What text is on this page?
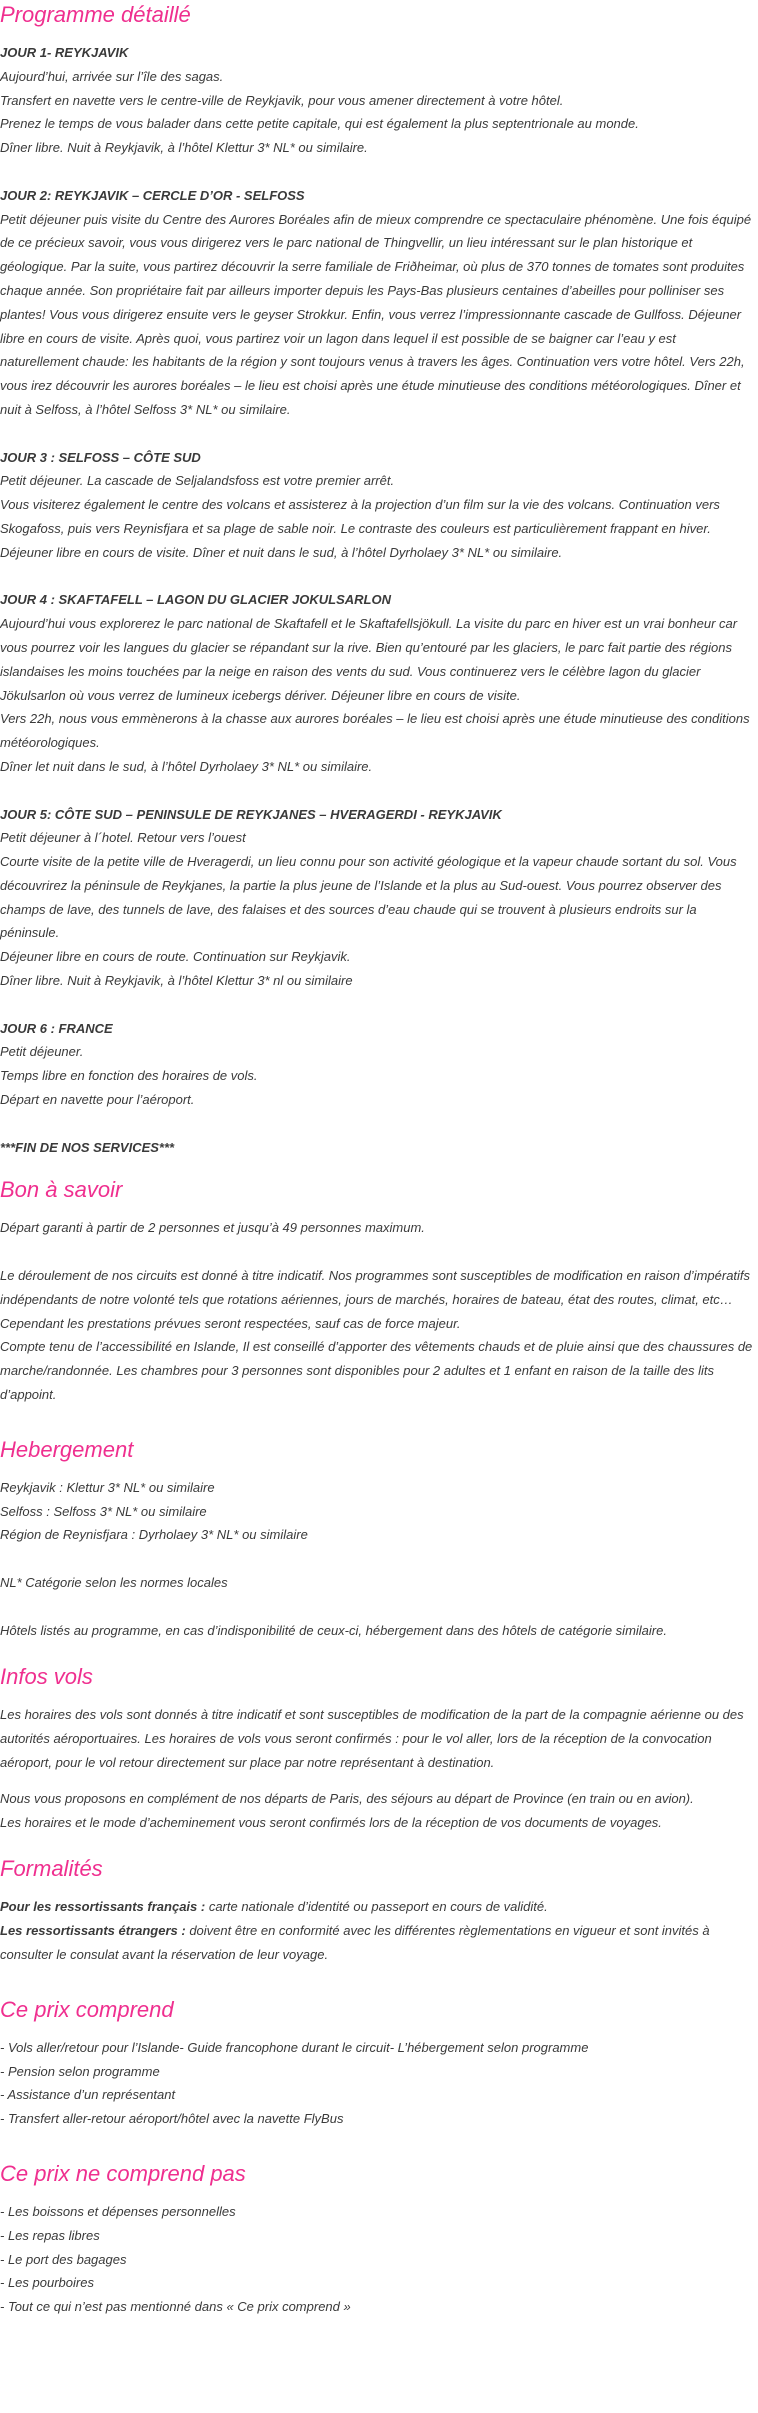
Programme détaillé

JOUR 1- REYKJAVIK

Aujourd’hui, arrivée sur l’île des sagas.

Transfert en navette vers le centre-ville de Reykjavik, pour vous amener directement à votre hôtel.

Prenez le temps de vous balader dans cette petite capitale, qui est également la plus septentrionale au monde.

Dîner libre. Nuit à Reykjavik, à l’hôtel Klettur 3* NL* ou similaire.

JOUR 2: REYKJAVIK – CERCLE D’OR - SELFOSS

Petit déjeuner puis visite du Centre des Aurores Boréales afin de mieux comprendre ce spectaculaire phénomène. Une fois équipé de ce précieux savoir, vous vous dirigerez vers le parc national de Thingvellir, un lieu intéressant sur le plan historique et géologique. Par la suite, vous partirez découvrir la serre familiale de Friðheimar, où plus de 370 tonnes de tomates sont produites chaque année. Son propriétaire fait par ailleurs importer depuis les Pays-Bas plusieurs centaines d’abeilles pour polliniser ses plantes! Vous vous dirigerez ensuite vers le geyser Strokkur. Enfin, vous verrez l’impressionnante cascade de Gullfoss. Déjeuner libre en cours de visite. Après quoi, vous partirez voir un lagon dans lequel il est possible de se baigner car l’eau y est naturellement chaude: les habitants de la région y sont toujours venus à travers les âges. Continuation vers votre hôtel. Vers 22h, vous irez découvrir les aurores boréales – le lieu est choisi après une étude minutieuse des conditions météorologiques. Dîner et nuit à Selfoss, à l’hôtel Selfoss 3* NL* ou similaire.

JOUR 3 : SELFOSS – CÔTE SUD

Petit déjeuner. La cascade de Seljalandsfoss est votre premier arrêt.

Vous visiterez également le centre des volcans et assisterez à la projection d’un film sur la vie des volcans. Continuation vers Skogafoss, puis vers Reynisfjara et sa plage de sable noir. Le contraste des couleurs est particulièrement frappant en hiver.

Déjeuner libre en cours de visite. Dîner et nuit dans le sud, à l’hôtel Dyrholaey 3* NL* ou similaire.

JOUR 4 : SKAFTAFELL – LAGON DU GLACIER JOKULSARLON

Aujourd’hui vous explorerez le parc national de Skaftafell et le Skaftafellsjökull. La visite du parc en hiver est un vrai bonheur car vous pourrez voir les langues du glacier se répandant sur la rive. Bien qu’entouré par les glaciers, le parc fait partie des régions islandaises les moins touchées par la neige en raison des vents du sud. Vous continuerez vers le célèbre lagon du glacier Jökulsarlon où vous verrez de lumineux icebergs dériver. Déjeuner libre en cours de visite.

Vers 22h, nous vous emmènerons à la chasse aux aurores boréales – le lieu est choisi après une étude minutieuse des conditions météorologiques.

Dîner let nuit dans le sud, à l’hôtel Dyrholaey 3* NL* ou similaire.

JOUR 5: CÔTE SUD – PENINSULE DE REYKJANES – HVERAGERDI - REYKJAVIK

Petit déjeuner à l´hotel. Retour vers l’ouest

Courte visite de la petite ville de Hveragerdi, un lieu connu pour son activité géologique et la vapeur chaude sortant du sol. Vous découvrirez la péninsule de Reykjanes, la partie la plus jeune de l’Islande et la plus au Sud-ouest. Vous pourrez observer des champs de lave, des tunnels de lave, des falaises et des sources d’eau chaude qui se trouvent à plusieurs endroits sur la péninsule.

Déjeuner libre en cours de route. Continuation sur Reykjavik.

Dîner libre. Nuit à Reykjavik, à l’hôtel Klettur 3* nl ou similaire

JOUR 6 : FRANCE

Petit déjeuner.

Temps libre en fonction des horaires de vols.

Départ en navette pour l’aéroport.

***FIN DE NOS SERVICES***

Bon à savoir

Départ garanti à partir de 2 personnes et jusqu’à 49 personnes maximum.

Le déroulement de nos circuits est donné à titre indicatif. Nos programmes sont susceptibles de modification en raison d’impératifs indépendants de notre volonté tels que rotations aériennes, jours de marchés, horaires de bateau, état des routes, climat, etc… Cependant les prestations prévues seront respectées, sauf cas de force majeur.

Compte tenu de l’accessibilité en Islande, Il est conseillé d’apporter des vêtements chauds et de pluie ainsi que des chaussures de marche/randonnée. Les chambres pour 3 personnes sont disponibles pour 2 adultes et 1 enfant en raison de la taille des lits d’appoint.

Hebergement

Reykjavik : Klettur 3* NL* ou similaire

Selfoss : Selfoss 3* NL* ou similaire

Région de Reynisfjara : Dyrholaey 3* NL* ou similaire

NL* Catégorie selon les normes locales

Hôtels listés au programme, en cas d’indisponibilité de ceux-ci, hébergement dans des hôtels de catégorie similaire.

Infos vols

Les horaires des vols sont donnés à titre indicatif et sont susceptibles de modification de la part de la compagnie aérienne ou des autorités aéroportuaires. Les horaires de vols vous seront confirmés : pour le vol aller, lors de la réception de la convocation aéroport, pour le vol retour directement sur place par notre représentant à destination.

Nous vous proposons en complément de nos départs de Paris, des séjours au départ de Province (en train ou en avion).

Les horaires et le mode d’acheminement vous seront confirmés lors de la réception de vos documents de voyages.

Formalités

Pour les ressortissants français : carte nationale d’identité ou passeport en cours de validité.

Les ressortissants étrangers : doivent être en conformité avec les différentes règlementations en vigueur et sont invités à consulter le consulat avant la réservation de leur voyage.

Ce prix comprend

- Vols aller/retour pour l’Islande- Guide francophone durant le circuit- L’hébergement selon programme

- Pension selon programme

- Assistance d’un représentant

- Transfert aller-retour aéroport/hôtel avec la navette FlyBus

Ce prix ne comprend pas

- Les boissons et dépenses personnelles

- Les repas libres

- Le port des bagages

- Les pourboires

- Tout ce qui n’est pas mentionné dans « Ce prix comprend »
